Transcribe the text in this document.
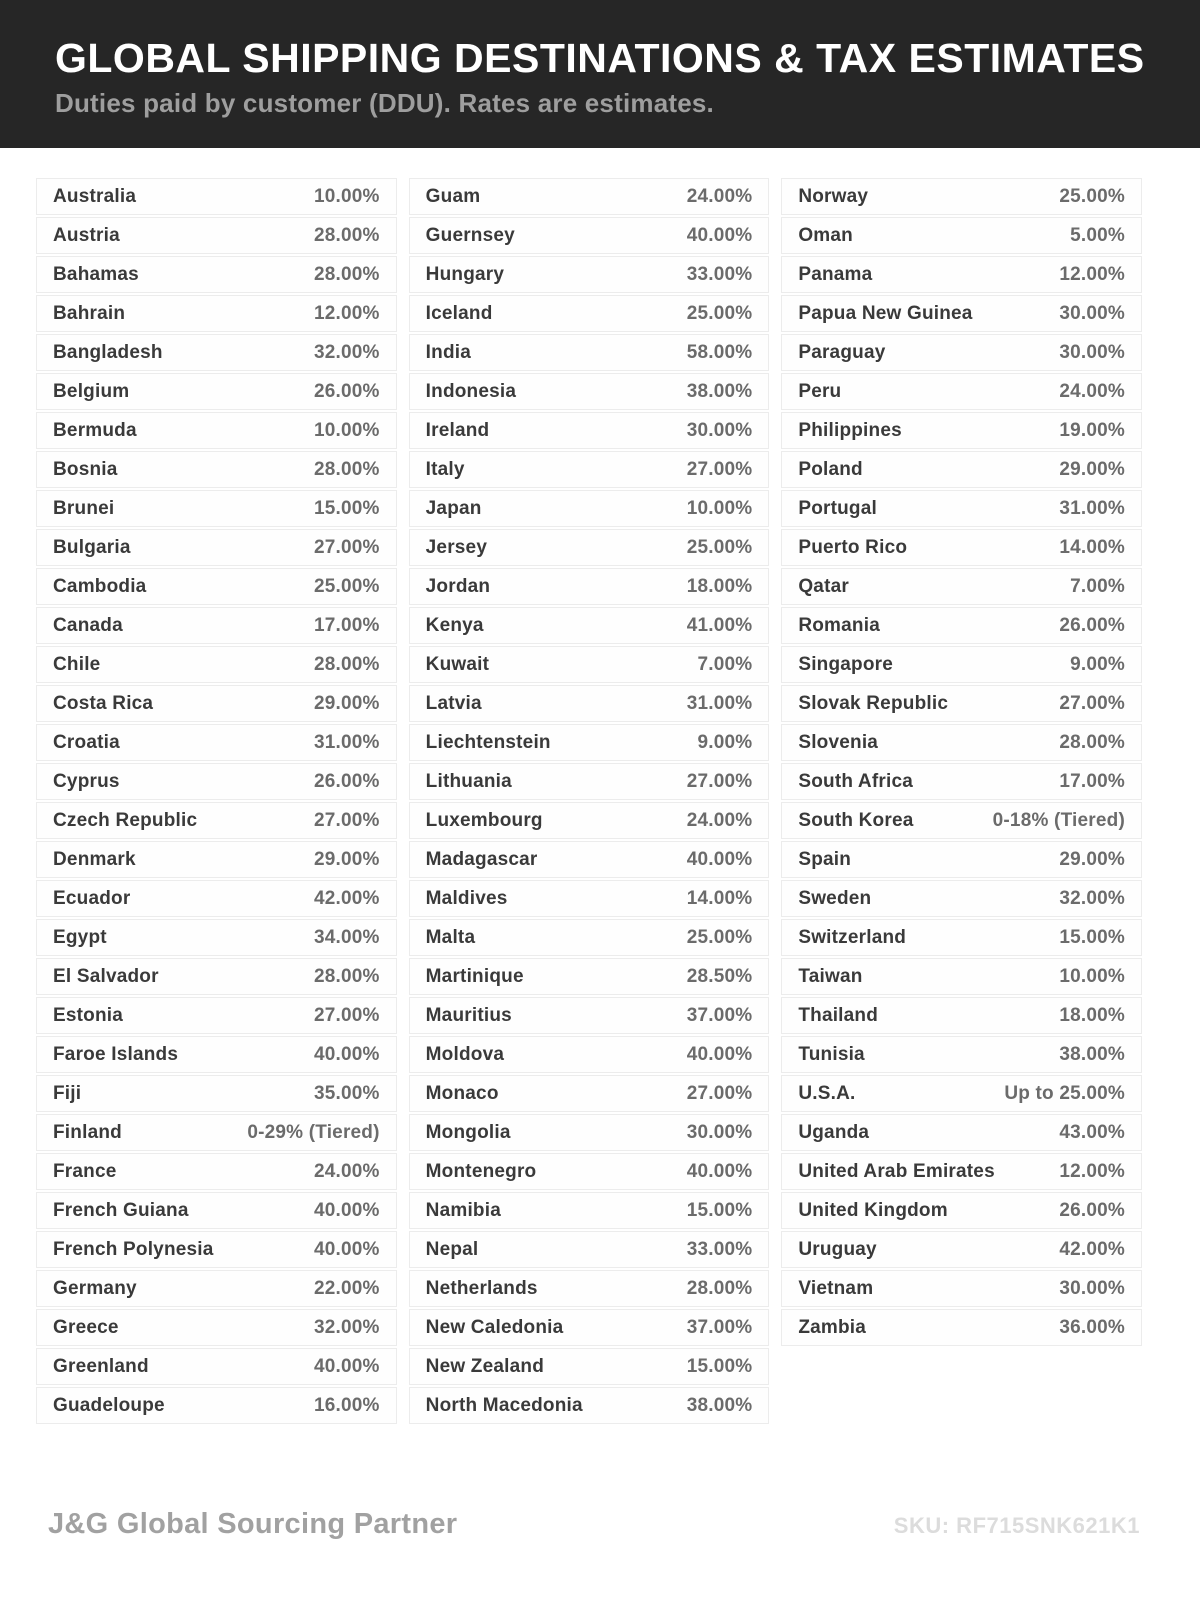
GLOBAL SHIPPING DESTINATIONS & TAX ESTIMATES
Duties paid by customer (DDU). Rates are estimates.
Australia	10.00%
Austria	28.00%
Bahamas	28.00%
Bahrain	12.00%
Bangladesh	32.00%
Belgium	26.00%
Bermuda	10.00%
Bosnia	28.00%
Brunei	15.00%
Bulgaria	27.00%
Cambodia	25.00%
Canada	17.00%
Chile	28.00%
Costa Rica	29.00%
Croatia	31.00%
Cyprus	26.00%
Czech Republic	27.00%
Denmark	29.00%
Ecuador	42.00%
Egypt	34.00%
El Salvador	28.00%
Estonia	27.00%
Faroe Islands	40.00%
Fiji	35.00%
Finland	0-29% (Tiered)
France	24.00%
French Guiana	40.00%
French Polynesia	40.00%
Germany	22.00%
Greece	32.00%
Greenland	40.00%
Guadeloupe	16.00%
Guam	24.00%
Guernsey	40.00%
Hungary	33.00%
Iceland	25.00%
India	58.00%
Indonesia	38.00%
Ireland	30.00%
Italy	27.00%
Japan	10.00%
Jersey	25.00%
Jordan	18.00%
Kenya	41.00%
Kuwait	7.00%
Latvia	31.00%
Liechtenstein	9.00%
Lithuania	27.00%
Luxembourg	24.00%
Madagascar	40.00%
Maldives	14.00%
Malta	25.00%
Martinique	28.50%
Mauritius	37.00%
Moldova	40.00%
Monaco	27.00%
Mongolia	30.00%
Montenegro	40.00%
Namibia	15.00%
Nepal	33.00%
Netherlands	28.00%
New Caledonia	37.00%
New Zealand	15.00%
North Macedonia	38.00%
Norway	25.00%
Oman	5.00%
Panama	12.00%
Papua New Guinea	30.00%
Paraguay	30.00%
Peru	24.00%
Philippines	19.00%
Poland	29.00%
Portugal	31.00%
Puerto Rico	14.00%
Qatar	7.00%
Romania	26.00%
Singapore	9.00%
Slovak Republic	27.00%
Slovenia	28.00%
South Africa	17.00%
South Korea	0-18% (Tiered)
Spain	29.00%
Sweden	32.00%
Switzerland	15.00%
Taiwan	10.00%
Thailand	18.00%
Tunisia	38.00%
U.S.A.	Up to 25.00%
Uganda	43.00%
United Arab Emirates	12.00%
United Kingdom	26.00%
Uruguay	42.00%
Vietnam	30.00%
Zambia	36.00%
J&G Global Sourcing Partner	SKU: RF715SNK621K1
